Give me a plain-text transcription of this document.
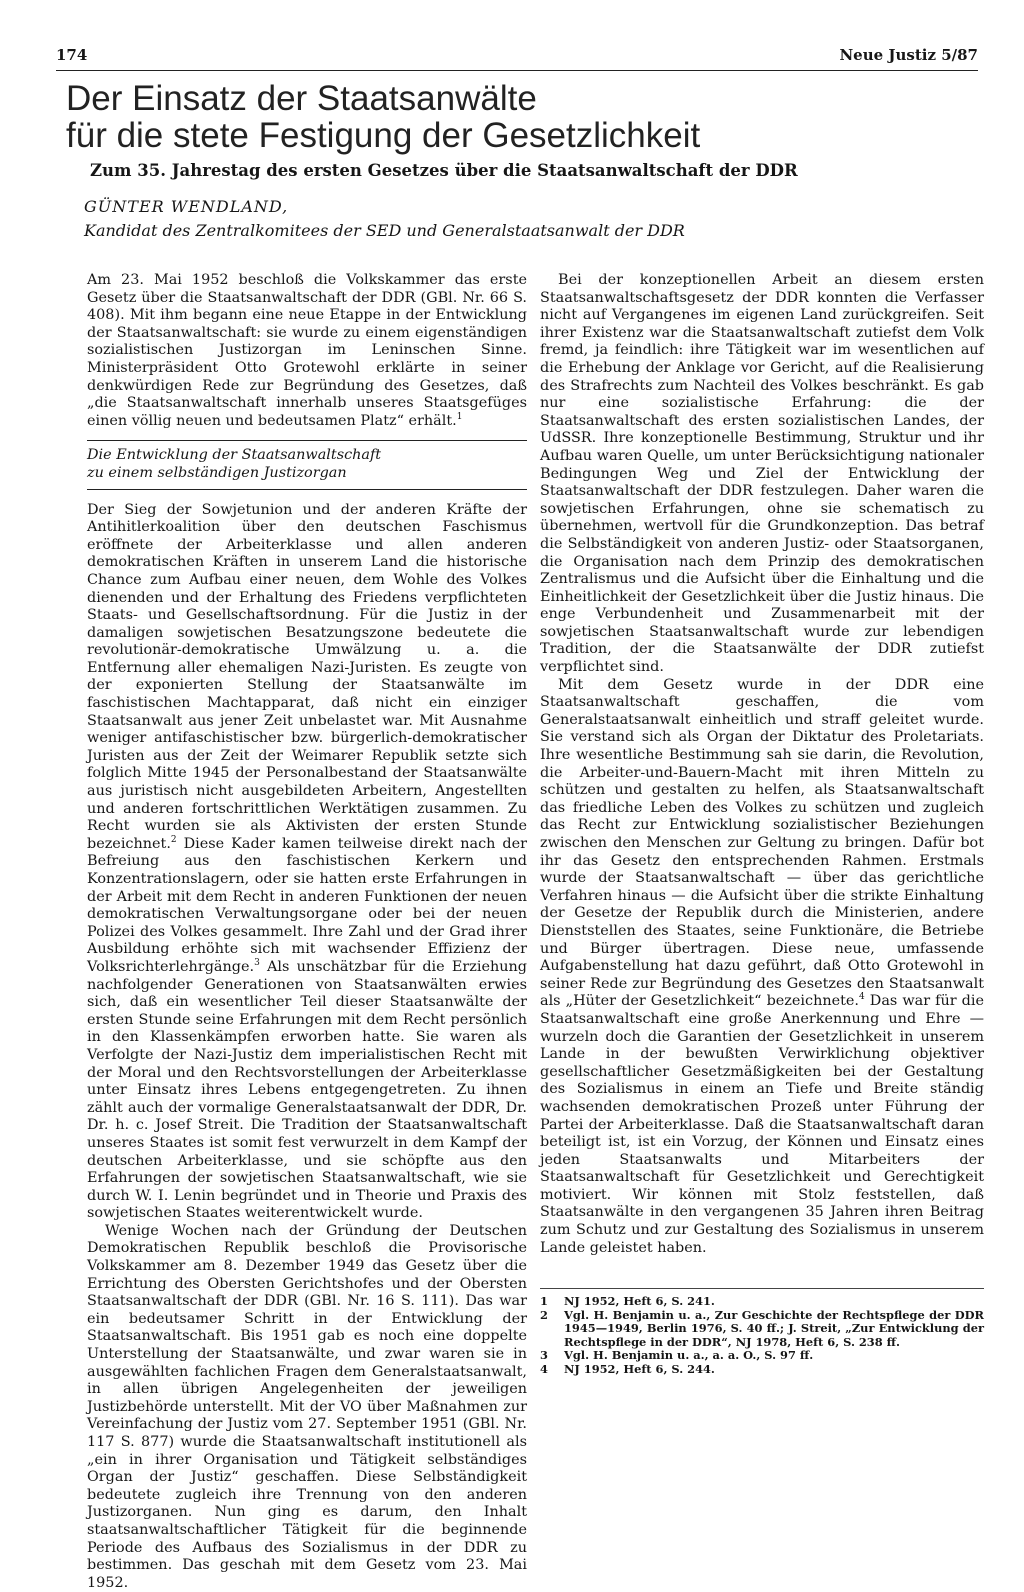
174	Neue Justiz 5/87
Der Einsatz der Staatsanwälte
für die stete Festigung der Gesetzlichkeit
Zum 35. Jahrestag des ersten Gesetzes über die Staatsanwaltschaft der DDR
GÜNTER WENDLAND,
Kandidat des Zentralkomitees der SED und Generalstaatsanwalt der DDR

Am 23. Mai 1952 beschloß die Volkskammer das erste Gesetz über die Staatsanwaltschaft der DDR (GBl. Nr. 66 S. 408). Mit ihm begann eine neue Etappe in der Entwicklung der Staatsanwaltschaft: sie wurde zu einem eigenständigen sozialistischen Justizorgan im Leninschen Sinne. Ministerpräsident Otto Grotewohl erklärte in seiner denkwürdigen Rede zur Begründung des Gesetzes, daß „die Staatsanwaltschaft innerhalb unseres Staatsgefüges einen völlig neuen und bedeutsamen Platz“ erhält.$^1$

Die Entwicklung der Staatsanwaltschaft
zu einem selbständigen Justizorgan

Der Sieg der Sowjetunion und der anderen Kräfte der Antihitlerkoalition über den deutschen Faschismus eröffnete der Arbeiterklasse und allen anderen demokratischen Kräften in unserem Land die historische Chance zum Aufbau einer neuen, dem Wohle des Volkes dienenden und der Erhaltung des Friedens verpflichteten Staats- und Gesellschaftsordnung. Für die Justiz in der damaligen sowjetischen Besatzungszone bedeutete die revolutionär-demokratische Umwälzung u. a. die Entfernung aller ehemaligen Nazi-Juristen. Es zeugte von der exponierten Stellung der Staatsanwälte im faschistischen Machtapparat, daß nicht ein einziger Staatsanwalt aus jener Zeit unbelastet war. Mit Ausnahme weniger antifaschistischer bzw. bürgerlich-demokratischer Juristen aus der Zeit der Weimarer Republik setzte sich folglich Mitte 1945 der Personalbestand der Staatsanwälte aus juristisch nicht ausgebildeten Arbeitern, Angestellten und anderen fortschrittlichen Werktätigen zusammen. Zu Recht wurden sie als Aktivisten der ersten Stunde bezeichnet.$^2$ Diese Kader kamen teilweise direkt nach der Befreiung aus den faschistischen Kerkern und Konzentrationslagern, oder sie hatten erste Erfahrungen in der Arbeit mit dem Recht in anderen Funktionen der neuen demokratischen Verwaltungsorgane oder bei der neuen Polizei des Volkes gesammelt. Ihre Zahl und der Grad ihrer Ausbildung erhöhte sich mit wachsender Effizienz der Volksrichterlehrgänge.$^3$ Als unschätzbar für die Erziehung nachfolgender Generationen von Staatsanwälten erwies sich, daß ein wesentlicher Teil dieser Staatsanwälte der ersten Stunde seine Erfahrungen mit dem Recht persönlich in den Klassenkämpfen erworben hatte. Sie waren als Verfolgte der Nazi-Justiz dem imperialistischen Recht mit der Moral und den Rechtsvorstellungen der Arbeiterklasse unter Einsatz ihres Lebens entgegengetreten. Zu ihnen zählt auch der vormalige Generalstaatsanwalt der DDR, Dr. Dr. h. c. Josef Streit. Die Tradition der Staatsanwaltschaft unseres Staates ist somit fest verwurzelt in dem Kampf der deutschen Arbeiterklasse, und sie schöpfte aus den Erfahrungen der sowjetischen Staatsanwaltschaft, wie sie durch W. I. Lenin begründet und in Theorie und Praxis des sowjetischen Staates weiterentwickelt wurde.

Wenige Wochen nach der Gründung der Deutschen Demokratischen Republik beschloß die Provisorische Volkskammer am 8. Dezember 1949 das Gesetz über die Errichtung des Obersten Gerichtshofes und der Obersten Staatsanwaltschaft der DDR (GBl. Nr. 16 S. 111). Das war ein bedeutsamer Schritt in der Entwicklung der Staatsanwaltschaft. Bis 1951 gab es noch eine doppelte Unterstellung der Staatsanwälte, und zwar waren sie in ausgewählten fachlichen Fragen dem Generalstaatsanwalt, in allen übrigen Angelegenheiten der jeweiligen Justizbehörde unterstellt. Mit der VO über Maßnahmen zur Vereinfachung der Justiz vom 27. September 1951 (GBl. Nr. 117 S. 877) wurde die Staatsanwaltschaft institutionell als „ein in ihrer Organisation und Tätigkeit selbständiges Organ der Justiz“ geschaffen. Diese Selbständigkeit bedeutete zugleich ihre Trennung von den anderen Justizorganen. Nun ging es darum, den Inhalt staatsanwaltschaftlicher Tätigkeit für die beginnende Periode des Aufbaus des Sozialismus in der DDR zu bestimmen. Das geschah mit dem Gesetz vom 23. Mai 1952.

Bei der konzeptionellen Arbeit an diesem ersten Staatsanwaltschaftsgesetz der DDR konnten die Verfasser nicht auf Vergangenes im eigenen Land zurückgreifen. Seit ihrer Existenz war die Staatsanwaltschaft zutiefst dem Volk fremd, ja feindlich: ihre Tätigkeit war im wesentlichen auf die Erhebung der Anklage vor Gericht, auf die Realisierung des Strafrechts zum Nachteil des Volkes beschränkt. Es gab nur eine sozialistische Erfahrung: die der Staatsanwaltschaft des ersten sozialistischen Landes, der UdSSR. Ihre konzeptionelle Bestimmung, Struktur und ihr Aufbau waren Quelle, um unter Berücksichtigung nationaler Bedingungen Weg und Ziel der Entwicklung der Staatsanwaltschaft der DDR festzulegen. Daher waren die sowjetischen Erfahrungen, ohne sie schematisch zu übernehmen, wertvoll für die Grundkonzeption. Das betraf die Selbständigkeit von anderen Justiz- oder Staatsorganen, die Organisation nach dem Prinzip des demokratischen Zentralismus und die Aufsicht über die Einhaltung und die Einheitlichkeit der Gesetzlichkeit über die Justiz hinaus. Die enge Verbundenheit und Zusammenarbeit mit der sowjetischen Staatsanwaltschaft wurde zur lebendigen Tradition, der die Staatsanwälte der DDR zutiefst verpflichtet sind.

Mit dem Gesetz wurde in der DDR eine Staatsanwaltschaft geschaffen, die vom Generalstaatsanwalt einheitlich und straff geleitet wurde. Sie verstand sich als Organ der Diktatur des Proletariats. Ihre wesentliche Bestimmung sah sie darin, die Revolution, die Arbeiter-und-Bauern-Macht mit ihren Mitteln zu schützen und gestalten zu helfen, als Staatsanwaltschaft das friedliche Leben des Volkes zu schützen und zugleich das Recht zur Entwicklung sozialistischer Beziehungen zwischen den Menschen zur Geltung zu bringen. Dafür bot ihr das Gesetz den entsprechenden Rahmen. Erstmals wurde der Staatsanwaltschaft — über das gerichtliche Verfahren hinaus — die Aufsicht über die strikte Einhaltung der Gesetze der Republik durch die Ministerien, andere Dienststellen des Staates, seine Funktionäre, die Betriebe und Bürger übertragen. Diese neue, umfassende Aufgabenstellung hat dazu geführt, daß Otto Grotewohl in seiner Rede zur Begründung des Gesetzes den Staatsanwalt als „Hüter der Gesetzlichkeit“ bezeichnete.$^4$ Das war für die Staatsanwaltschaft eine große Anerkennung und Ehre — wurzeln doch die Garantien der Gesetzlichkeit in unserem Lande in der bewußten Verwirklichung objektiver gesellschaftlicher Gesetzmäßigkeiten bei der Gestaltung des Sozialismus in einem an Tiefe und Breite ständig wachsenden demokratischen Prozeß unter Führung der Partei der Arbeiterklasse. Daß die Staatsanwaltschaft daran beteiligt ist, ist ein Vorzug, der Können und Einsatz eines jeden Staatsanwalts und Mitarbeiters der Staatsanwaltschaft für Gesetzlichkeit und Gerechtigkeit motiviert. Wir können mit Stolz feststellen, daß Staatsanwälte in den vergangenen 35 Jahren ihren Beitrag zum Schutz und zur Gestaltung des Sozialismus in unserem Lande geleistet haben.

1	NJ 1952, Heft 6, S. 241.
2	Vgl. H. Benjamin u. a., Zur Geschichte der Rechtspflege der DDR 1945—1949, Berlin 1976, S. 40 ff.; J. Streit, „Zur Entwicklung der Rechtspflege in der DDR“, NJ 1978, Heft 6, S. 238 ff.
3	Vgl. H. Benjamin u. a., a. a. O., S. 97 ff.
4	NJ 1952, Heft 6, S. 244.
